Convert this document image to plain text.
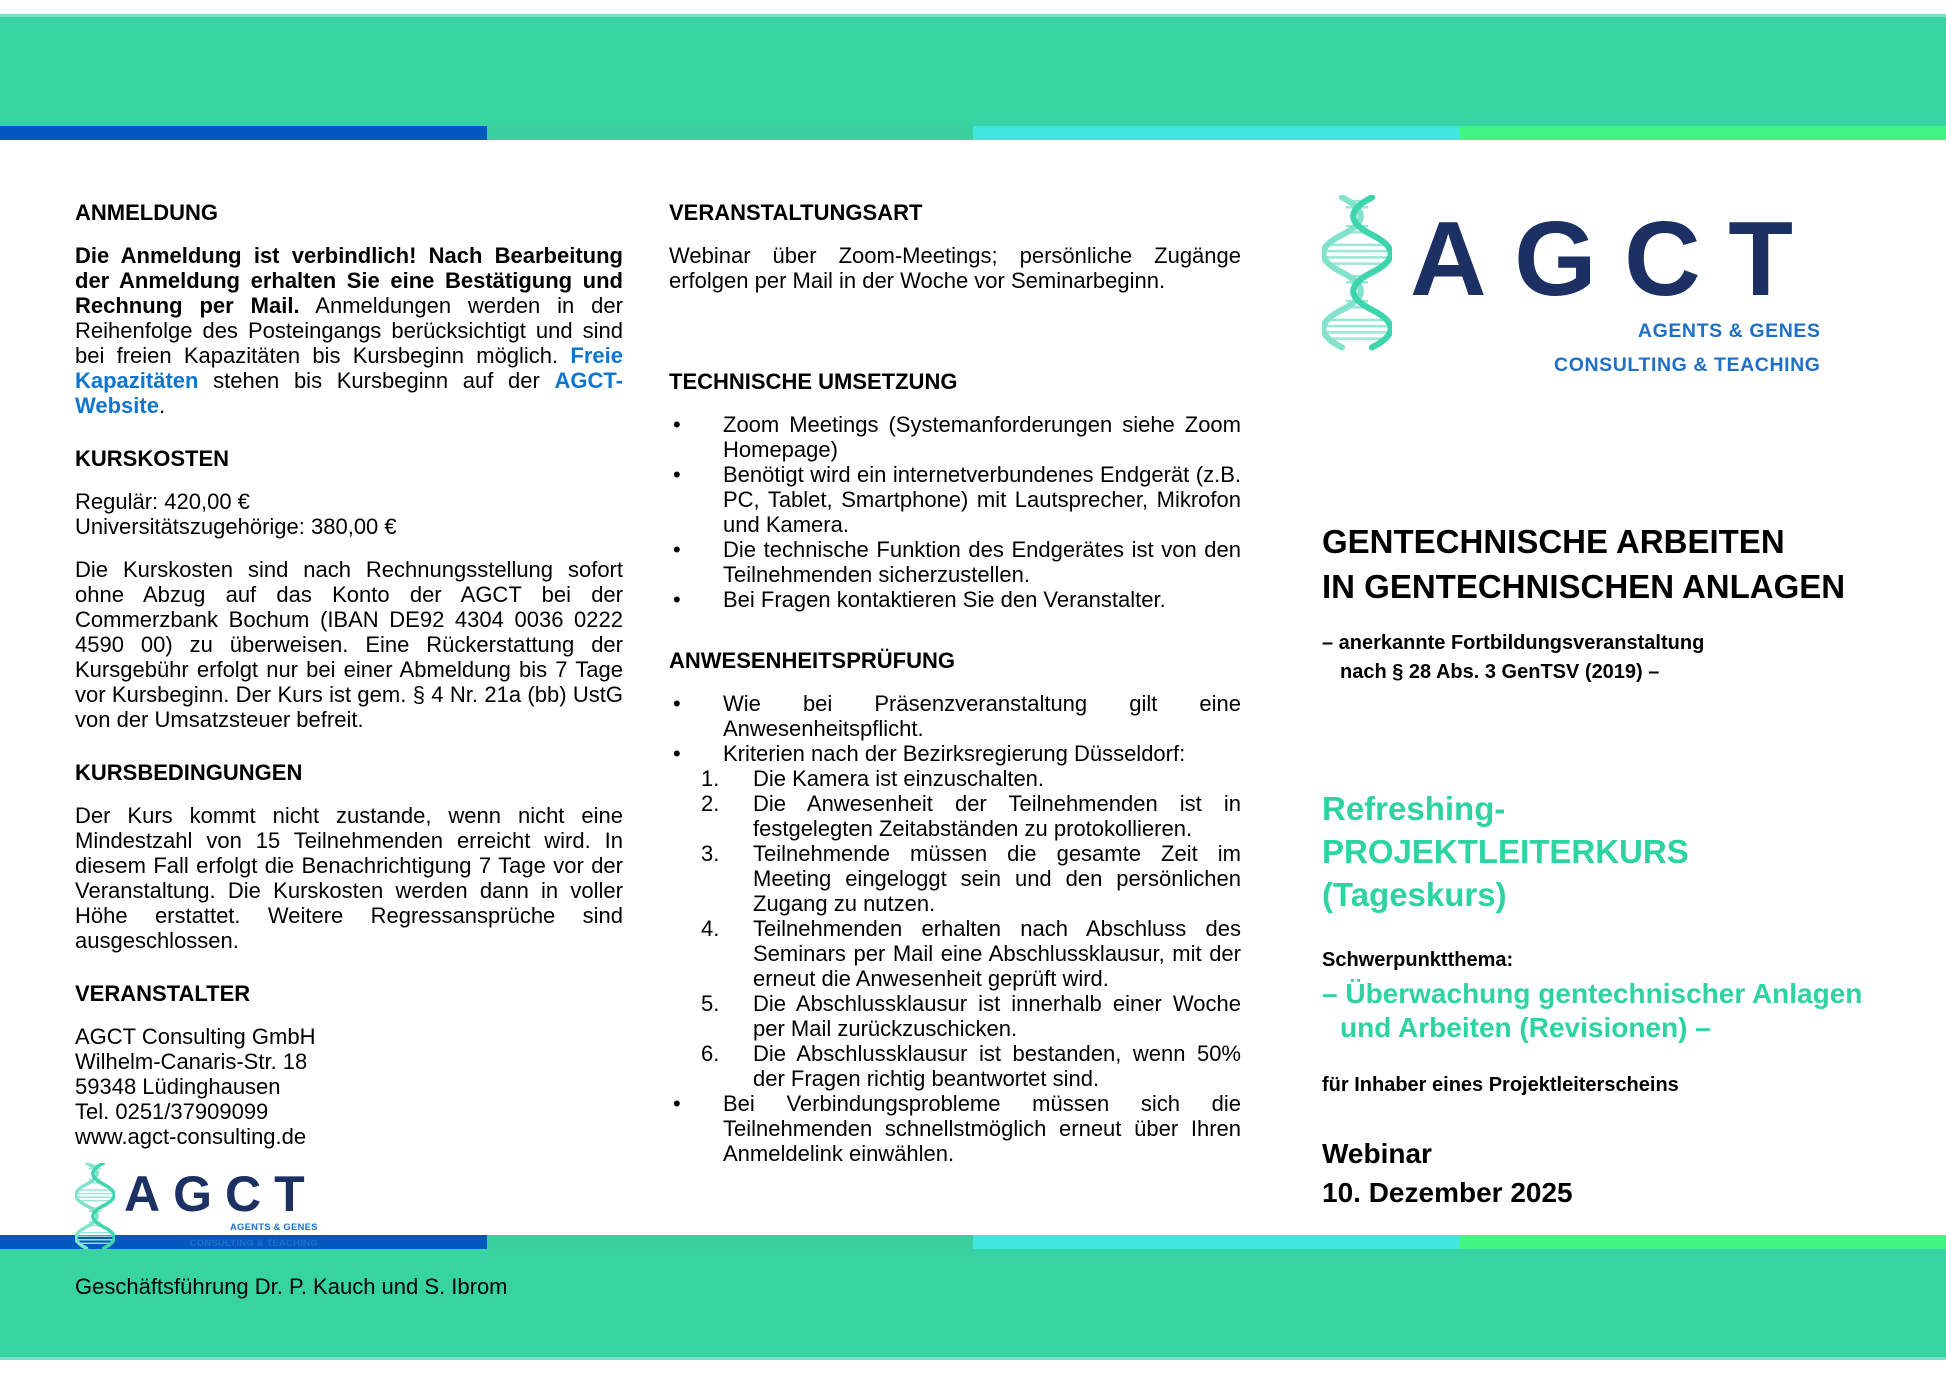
ANMELDUNG
Die Anmeldung ist verbindlich! Nach Bearbeitung der Anmeldung erhalten Sie eine Bestätigung und Rechnung per Mail. Anmeldungen werden in der Reihenfolge des Posteingangs berücksichtigt und sind bei freien Kapazitäten bis Kursbeginn möglich. Freie Kapazitäten stehen bis Kursbeginn auf der AGCT-Website.
KURSKOSTEN
Regulär: 420,00 €
Universitätszugehörige: 380,00 €
Die Kurskosten sind nach Rechnungsstellung sofort ohne Abzug auf das Konto der AGCT bei der Commerzbank Bochum (IBAN DE92 4304 0036 0222 4590 00) zu überweisen. Eine Rückerstattung der Kursgebühr erfolgt nur bei einer Abmeldung bis 7 Tage vor Kursbeginn. Der Kurs ist gem. § 4 Nr. 21a (bb) UstG von der Umsatzsteuer befreit.
KURSBEDINGUNGEN
Der Kurs kommt nicht zustande, wenn nicht eine Mindestzahl von 15 Teilnehmenden erreicht wird. In diesem Fall erfolgt die Benachrichtigung 7 Tage vor der Veranstaltung. Die Kurskosten werden dann in voller Höhe erstattet. Weitere Regressansprüche sind ausgeschlossen.
VERANSTALTER
AGCT Consulting GmbH
Wilhelm-Canaris-Str. 18
59348 Lüdinghausen
Tel. 0251/37909099
www.agct-consulting.de
AGCT
AGENTS & GENES
CONSULTING & TEACHING
Geschäftsführung Dr. P. Kauch und S. Ibrom
VERANSTALTUNGSART
Webinar über Zoom-Meetings; persönliche Zugänge erfolgen per Mail in der Woche vor Seminarbeginn.
TECHNISCHE UMSETZUNG
•	Zoom Meetings (Systemanforderungen siehe Zoom Homepage)
•	Benötigt wird ein internetverbundenes Endgerät (z.B. PC, Tablet, Smartphone) mit Lautsprecher, Mikrofon und Kamera.
•	Die technische Funktion des Endgerätes ist von den Teilnehmenden sicherzustellen.
•	Bei Fragen kontaktieren Sie den Veranstalter.
ANWESENHEITSPRÜFUNG
•	Wie bei Präsenzveranstaltung gilt eine Anwesenheitspflicht.
•	Kriterien nach der Bezirksregierung Düsseldorf:
1.	Die Kamera ist einzuschalten.
2.	Die Anwesenheit der Teilnehmenden ist in festgelegten Zeitabständen zu protokollieren.
3.	Teilnehmende müssen die gesamte Zeit im Meeting eingeloggt sein und den persönlichen Zugang zu nutzen.
4.	Teilnehmenden erhalten nach Abschluss des Seminars per Mail eine Abschlussklausur, mit der erneut die Anwesenheit geprüft wird.
5.	Die Abschlussklausur ist innerhalb einer Woche per Mail zurückzuschicken.
6.	Die Abschlussklausur ist bestanden, wenn 50% der Fragen richtig beantwortet sind.
•	Bei Verbindungsprobleme müssen sich die Teilnehmenden schnellstmöglich erneut über Ihren Anmeldelink einwählen.
AGCT
AGENTS & GENES
CONSULTING & TEACHING
GENTECHNISCHE ARBEITEN
IN GENTECHNISCHEN ANLAGEN
– anerkannte Fortbildungsveranstaltung
nach § 28 Abs. 3 GenTSV (2019) –
Refreshing-
PROJEKTLEITERKURS
(Tageskurs)
Schwerpunktthema:
– Überwachung gentechnischer Anlagen
und Arbeiten (Revisionen) –
für Inhaber eines Projektleiterscheins
Webinar
10. Dezember 2025
